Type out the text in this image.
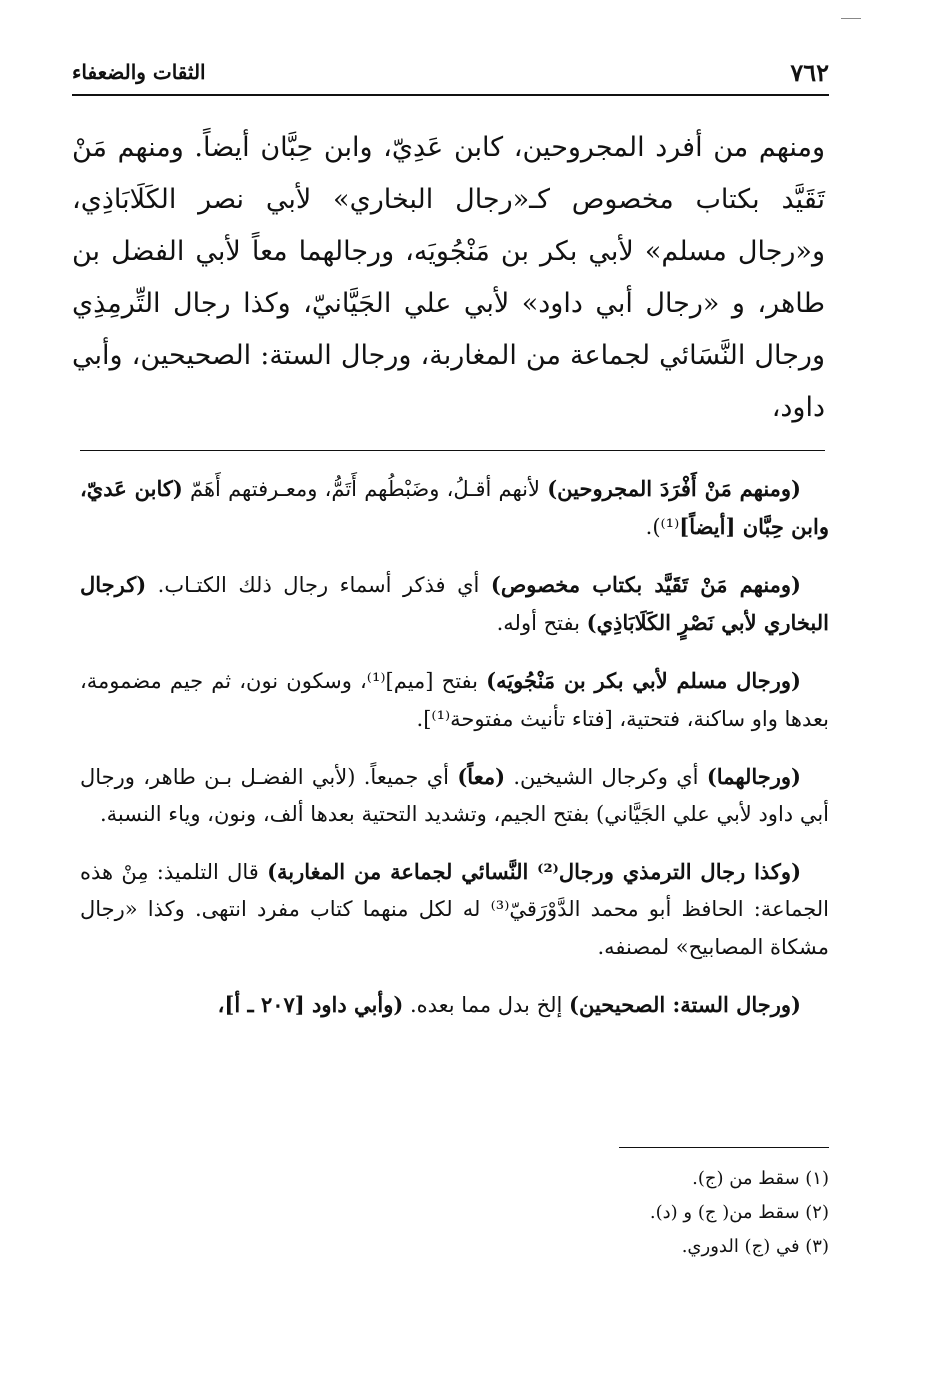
٧٦٢
الثقات والضعفاء

ومنهم من أفرد المجروحين، كابن عَدِيّ، وابن حِبَّان أيضاً. ومنهم مَنْ تَقَيَّد بكتاب مخصوص كـ«رجال البخاري» لأبي نصر الكَلَابَاذِي، و«رجال مسلم» لأبي بكر بن مَنْجُويَه، ورجالهما معاً لأبي الفضل بن طاهر، و «رجال أبي داود» لأبي علي الجَيَّانيّ، وكذا رجال التِّرمِذِي ورجال النَّسَائي لجماعة من المغاربة، ورجال الستة: الصحيحين، وأبي داود،

(ومنهم مَنْ أَفْرَدَ المجروحين) لأنهم أقـلُ، وضَبْطُهم أَتَمُّ، ومعـرفتهم أَهَمّ (كابن عَديّ، وابن حِبَّان [أيضاً]⁽¹⁾).

(ومنهم مَنْ تَقَيَّد بكتاب مخصوص) أي فذكر أسماء رجال ذلك الكتـاب. (كرجال البخاري لأبي نَصْرٍ الكَلَابَاذِي) بفتح أوله.

(ورجال مسلم لأبي بكر بن مَنْجُويَه) بفتح [ميم]⁽¹⁾، وسكون نون، ثم جيم مضمومة، بعدها واو ساكنة، فتحتية، [فتاء تأنيث مفتوحة⁽¹⁾].

(ورجالهما) أي وكرجال الشيخين. (معاً) أي جميعاً. (لأبي الفضـل بـن طاهر، ورجال أبي داود لأبي علي الجَيَّاني) بفتح الجيم، وتشديد التحتية بعدها ألف، ونون، وياء النسبة.

(وكذا رجال الترمذي ورجال⁽²⁾ النَّسائي لجماعة من المغاربة) قال التلميذ: مِنْ هذه الجماعة: الحافظ أبو محمد الدَّوْرَقيّ⁽³⁾ له لكل منهما كتاب مفرد انتهى. وكذا «رجال مشكاة المصابيح» لمصنفه.

(ورجال الستة: الصحيحين) إلخ بدل مما بعده. (وأبي داود [٢٠٧ ـ أ]،

(١) سقط من (ج).

(٢) سقط من( ج) و (د).

(٣) في (ج) الدوري.
